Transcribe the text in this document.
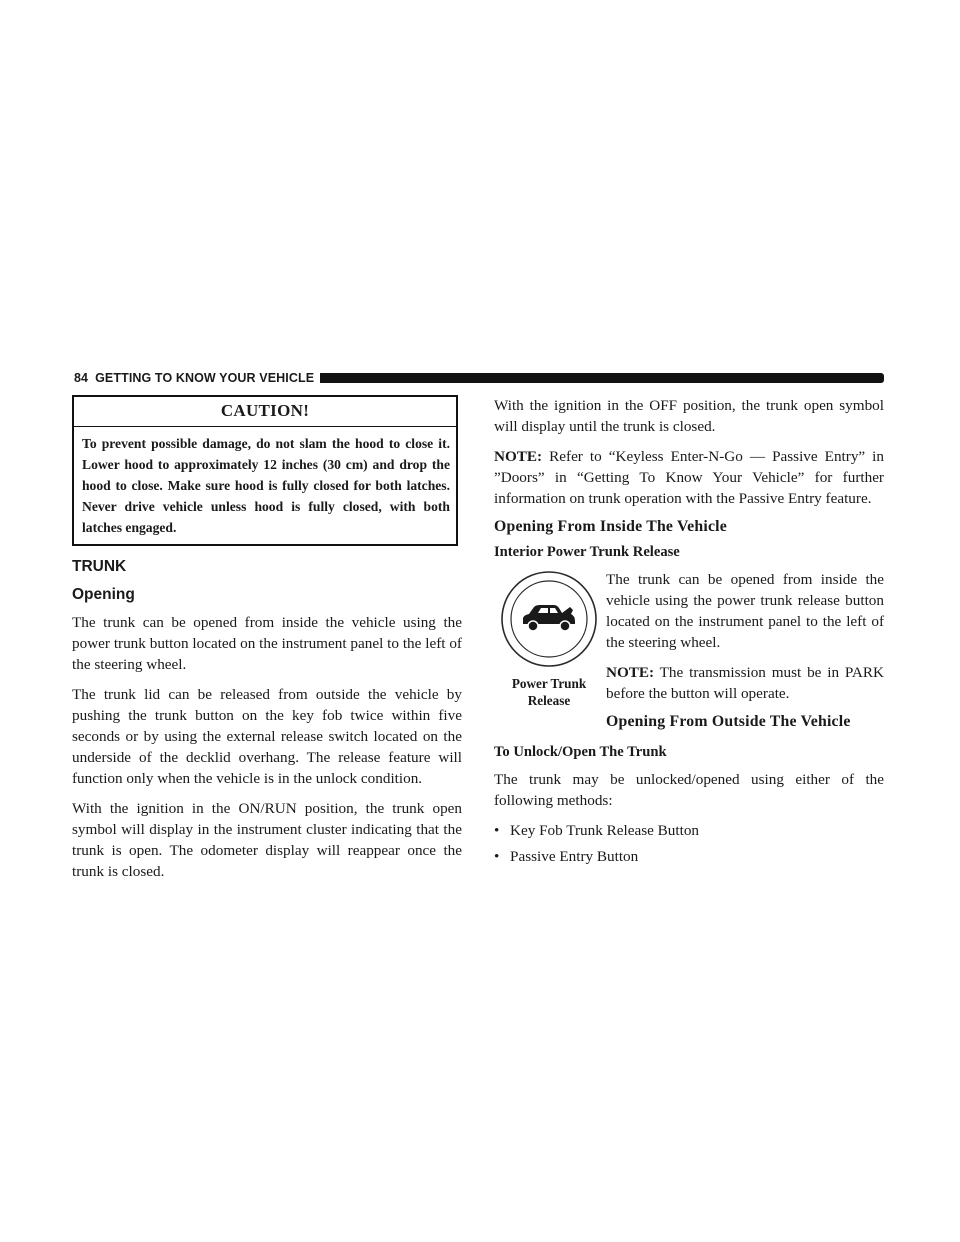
84 GETTING TO KNOW YOUR VEHICLE
CAUTION!
To prevent possible damage, do not slam the hood to close it. Lower hood to approximately 12 inches (30 cm) and drop the hood to close. Make sure hood is fully closed for both latches. Never drive vehicle unless hood is fully closed, with both latches engaged.
TRUNK
Opening

The trunk can be opened from inside the vehicle using the power trunk button located on the instrument panel to the left of the steering wheel.

The trunk lid can be released from outside the vehicle by pushing the trunk button on the key fob twice within five seconds or by using the external release switch located on the underside of the decklid overhang. The release feature will function only when the vehicle is in the unlock condition.

With the ignition in the ON/RUN position, the trunk open symbol will display in the instrument cluster indicating that the trunk is open. The odometer display will reappear once the trunk is closed.

With the ignition in the OFF position, the trunk open symbol will display until the trunk is closed.

NOTE: Refer to “Keyless Enter-N-Go — Passive Entry” in ”Doors” in “Getting To Know Your Vehicle” for further information on trunk operation with the Passive Entry feature.

Opening From Inside The Vehicle
Interior Power Trunk Release
Power Trunk
Release

The trunk can be opened from inside the vehicle using the power trunk release button located on the instrument panel to the left of the steering wheel.

NOTE: The transmission must be in PARK before the button will operate.

Opening From Outside The Vehicle
To Unlock/Open The Trunk

The trunk may be unlocked/opened using either of the following methods:

• Key Fob Trunk Release Button
• Passive Entry Button
